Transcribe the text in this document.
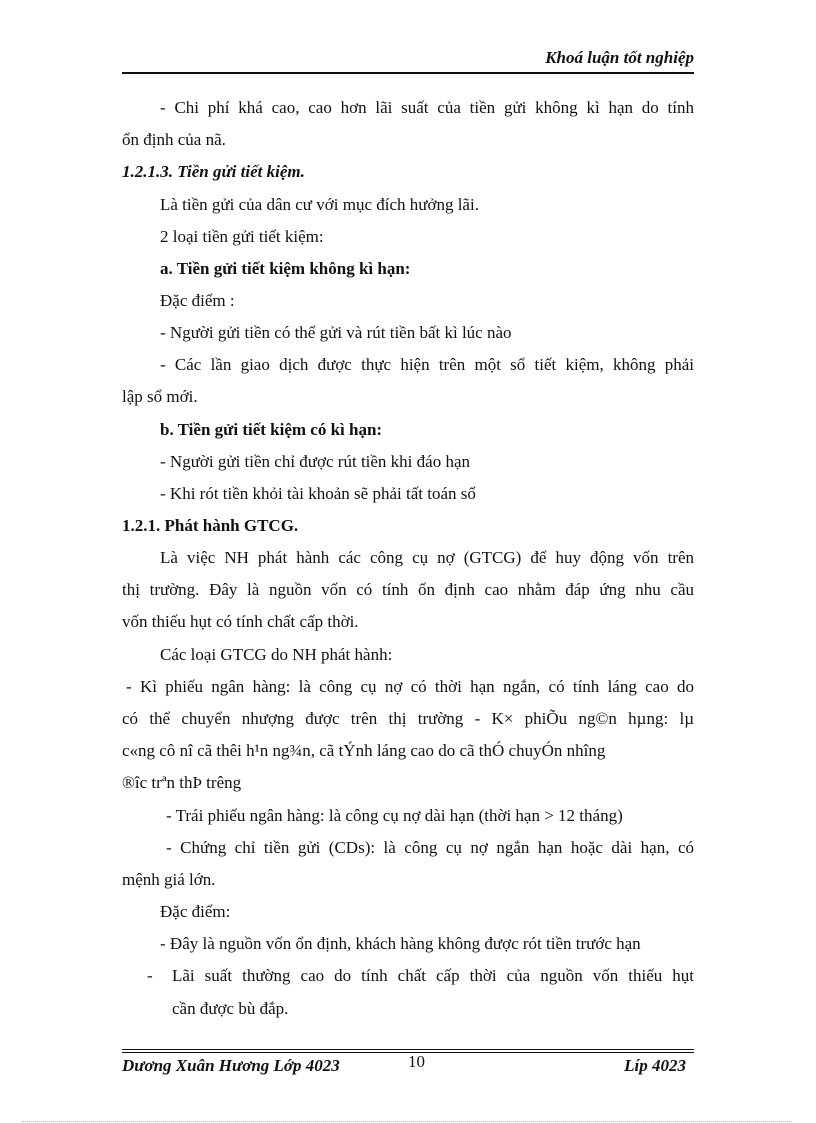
Khoá luận tốt nghiệp
- Chi phí khá cao, cao hơn lãi suất của tiền gửi không kì hạn do tính
ổn định của nã.
1.2.1.3. Tiền gửi tiết kiệm.
Là tiền gửi của dân cư với mục đích hưởng lãi.
2 loại tiền gửi tiết kiệm:
a. Tiền gửi tiết kiệm không kì hạn:
Đặc điểm :
- Người gửi tiền có thể gửi và rút tiền bất kì lúc nào
- Các lần giao dịch được thực hiện trên một sổ tiết kiệm, không phải
lập sổ mới.
b. Tiền gửi tiết kiệm có kì hạn:
- Người gửi tiền chỉ được rút tiền khi đáo hạn
- Khi rót tiền khỏi tài khoản sẽ phải tất toán sổ
1.2.1. Phát hành GTCG.
Là việc NH phát hành các công cụ nợ (GTCG) để huy động vốn trên
thị trường. Đây là nguồn vốn có tính ổn định cao nhằm đáp ứng nhu cầu
vốn thiếu hụt có tính chất cấp thời.
Các loại GTCG do NH phát hành:
- Kì phiếu ngân hàng: là công cụ nợ có thời hạn ngắn, có tính láng cao do
có thể chuyển nhượng được trên thị trường - K× phiÕu ng©n hµng: lµ
c«ng cô nî cã thêi h¹n ng¾n, cã tÝnh láng cao do cã thÓ chuyÓn nhîng
®îc trªn thÞ trêng
- Trái phiếu ngân hàng: là công cụ nợ dài hạn (thời hạn > 12 tháng)
- Chứng chỉ tiền gửi (CDs): là công cụ nợ ngắn hạn hoặc dài hạn, có
mệnh giá lớn.
Đặc điểm:
- Đây là nguồn vốn ổn định, khách hàng không được rót tiền trước hạn
- Lãi suất thường cao do tính chất cấp thời của nguồn vốn thiếu hụt
cần được bù đắp.
Dương Xuân Hương Lớp 4023	10	Líp 4023
